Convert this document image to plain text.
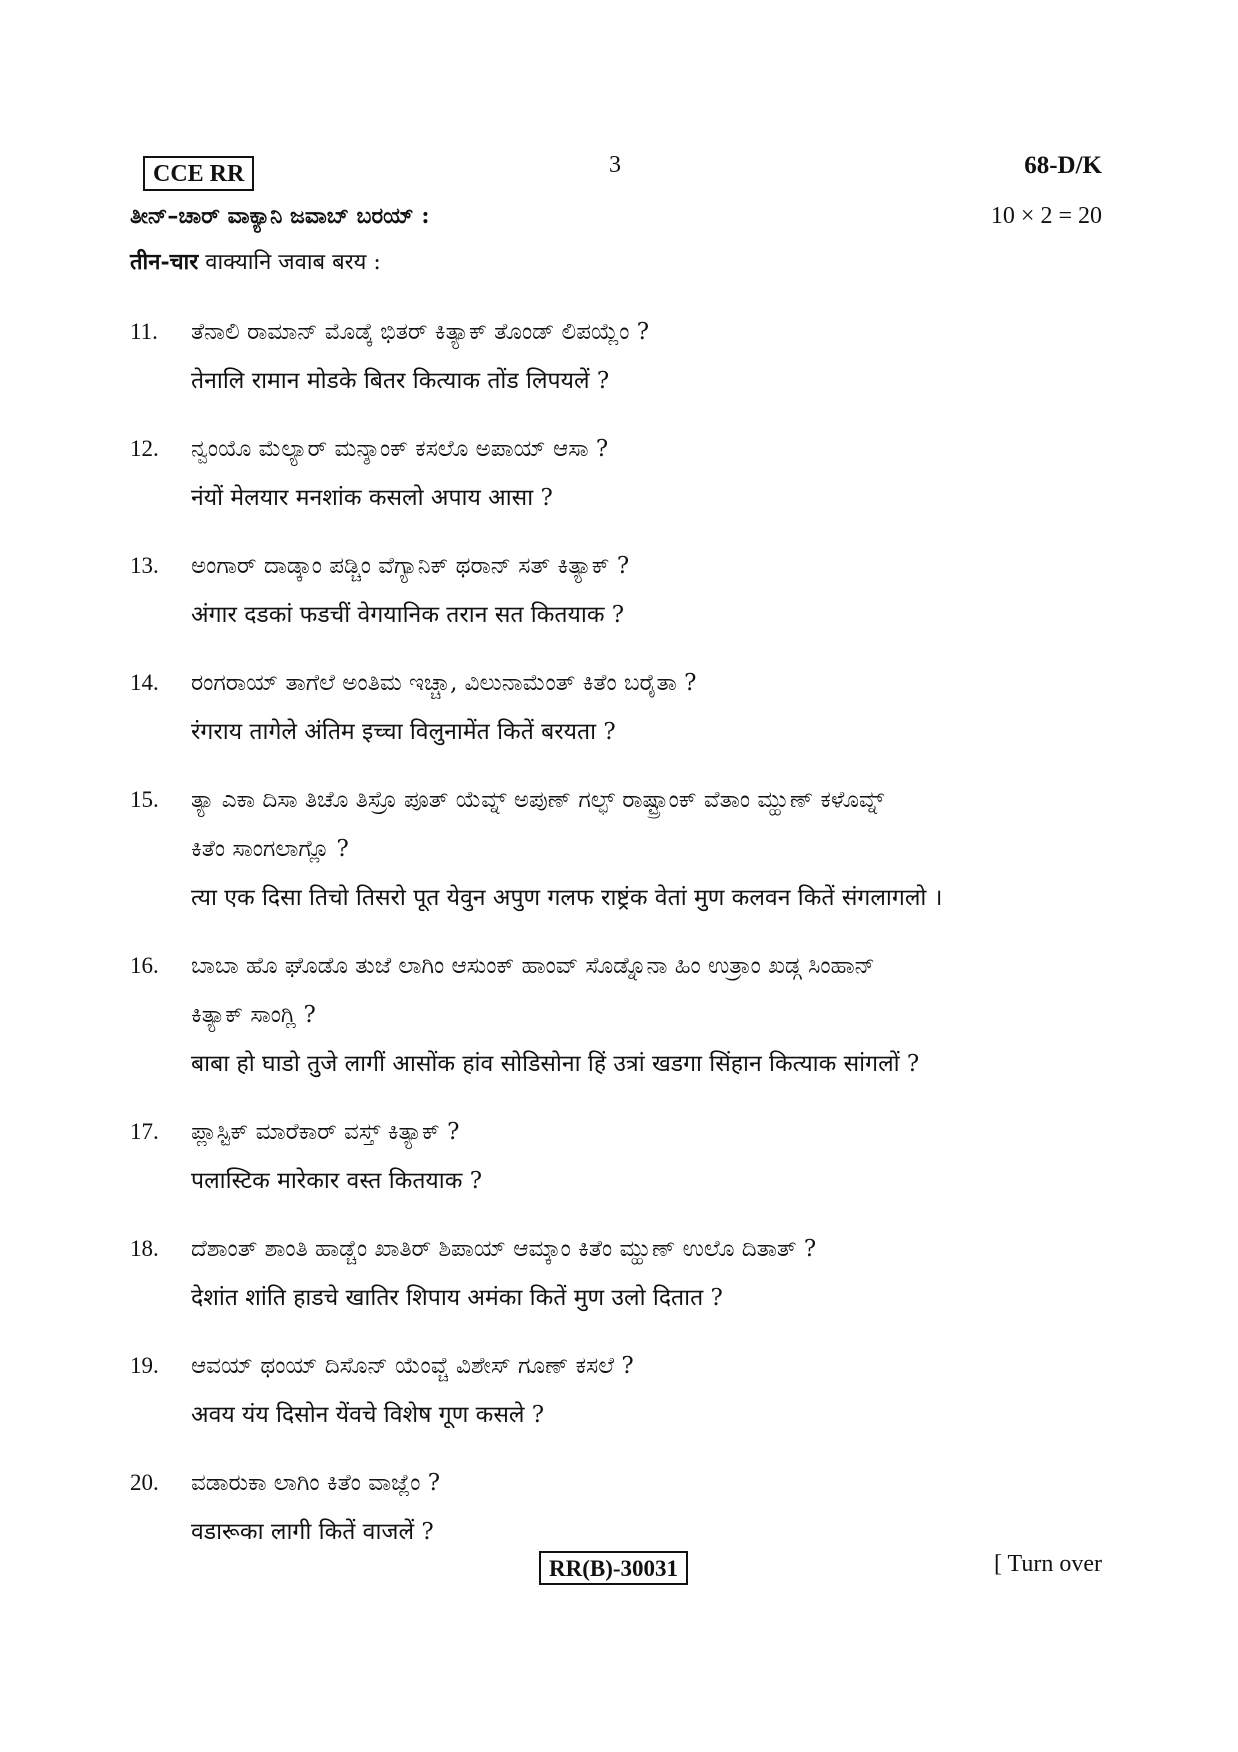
CCE RR	3	68-D/K
ತೀನ್–ಚಾರ್ ವಾಕ್ಯಾನಿ ಜವಾಬ್ ಬರಯ್ :	10 × 2 = 20
तीन-चार वाक्यानि जवाब बरय :
11. ತೆನಾಲಿ ರಾಮಾನ್ ಮೊಡ್ಕೆ ಭಿತರ್ ಕಿತ್ಯಾಕ್ ತೊಂಡ್ ಲಿಪಯ್ಲೆಂ ?
तेनालि रामान मोडके बितर कित्याक तोंड लिपयलें ?
12. ನ್ವಂಯೊ ಮೆಲ್ಯಾರ್ ಮನ್ಶಾಂಕ್ ಕಸಲೊ ಅಪಾಯ್ ಆಸಾ ?
नंयों मेलयार मनशांक कसलो अपाय आसा ?
13. ಅಂಗಾರ್ ದಾಡ್ಕಾಂ ಪಡ್ಚಿಂ ವೆಗ್ಯಾನಿಕ್ ಥರಾನ್ ಸತ್ ಕಿತ್ಯಾಕ್ ?
अंगार दडकां फडचीं वेगयानिक तरान सत कितयाक ?
14. ರಂಗರಾಯ್ ತಾಗೆಲೆ ಅಂತಿಮ ಇಚ್ಚಾ, ವಿಲುನಾಮೆಂತ್ ಕಿತೆಂ ಬರೈತಾ ?
रंगराय तागेले अंतिम इच्चा विलुनामेंत कितें बरयता ?
15. ತ್ಯಾ ಎಕಾ ದಿಸಾ ತಿಚೊ ತಿಸ್ರೊ ಪೂತ್ ಯೆವ್ನ್ ಅಪುಣ್ ಗಲ್ಫ್ ರಾಷ್ಟ್ರಾಂಕ್ ವೆತಾಂ ಮ್ಹುಣ್ ಕಳೊವ್ನ್
ಕಿತೆಂ ಸಾಂಗಲಾಗ್ಲೊ ?
त्या एक दिसा तिचो तिसरो पूत येवुन अपुण गलफ राष्ट्रंक वेतां मुण कलवन कितें संगलागलो ।
16. ಬಾಬಾ ಹೊ ಘೊಡೊ ತುಜೆ ಲಾಗಿಂ ಆಸುಂಕ್ ಹಾಂವ್ ಸೊಡ್ನೊನಾ ಹಿಂ ಉತ್ರಾಂ ಖಡ್ಗ ಸಿಂಹಾನ್
ಕಿತ್ಯಾಕ್ ಸಾಂಗ್ಲಿ ?
बाबा हो घाडो तुजे लागीं आसोंक हांव सोडिसोना हिं उत्रां खडगा सिंहान कित्याक सांगलों ?
17. ಪ್ಲಾಸ್ಟಿಕ್ ಮಾರೆಕಾರ್ ವಸ್ತ್ ಕಿತ್ಯಾಕ್ ?
पलास्टिक मारेकार वस्त कितयाक ?
18. ದೆಶಾಂತ್ ಶಾಂತಿ ಹಾಡ್ಚೆಂ ಖಾತಿರ್ ಶಿಪಾಯ್ ಆಮ್ಕಾಂ ಕಿತೆಂ ಮ್ಹುಣ್ ಉಲೊ ದಿತಾತ್ ?
देशांत शांति हाडचे खातिर शिपाय अमंका कितें मुण उलो दितात ?
19. ಆವಯ್ ಥಂಯ್ ದಿಸೊನ್ ಯೆಂವ್ಚೆ ವಿಶೇಸ್ ಗೂಣ್ ಕಸಲೆ ?
अवय यंय दिसोन येंवचे विशेष गूण कसले ?
20. ವಡಾರುಕಾ ಲಾಗಿಂ ಕಿತೆಂ ವಾಜ್ಲೆಂ ?
वडारूका लागी कितें वाजलें ?
RR(B)-30031	[ Turn over
